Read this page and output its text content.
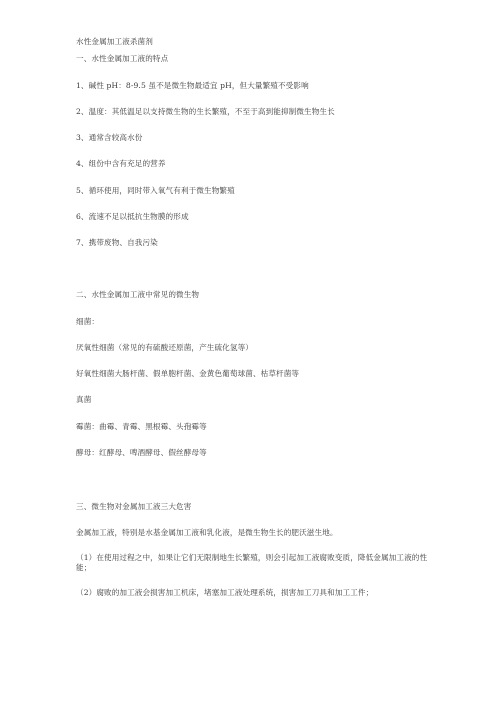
水性金属加工液杀菌剂
一、水性金属加工液的特点
1、碱性 pH：8-9.5 虽不是微生物最适宜 pH，但大量繁殖不受影响
2、温度：其低温足以支持微生物的生长繁殖，不至于高到能抑制微生物生长
3、通常含较高水份
4、组份中含有充足的营养
5、循环使用，同时带入氧气有利于微生物繁殖
6、流速不足以抵抗生物膜的形成
7、携带废物、自我污染
二、水性金属加工液中常见的微生物
细菌：
厌氧性细菌（常见的有硫酸还原菌，产生硫化氢等）
好氧性细菌大肠杆菌、假单胞杆菌、金黄色葡萄球菌、枯草杆菌等
真菌
霉菌：曲霉、青霉、黑根霉、头孢霉等
酵母：红酵母、啤酒酵母、假丝酵母等
三、微生物对金属加工液三大危害
金属加工液，特别是水基金属加工液和乳化液，是微生物生长的肥沃滋生地。
（1）在使用过程之中，如果让它们无限制地生长繁殖，则会引起加工液腐败变质，降低金属加工液的性能；
（2）腐败的加工液会损害加工机床，堵塞加工液处理系统，损害加工刀具和加工工件；
